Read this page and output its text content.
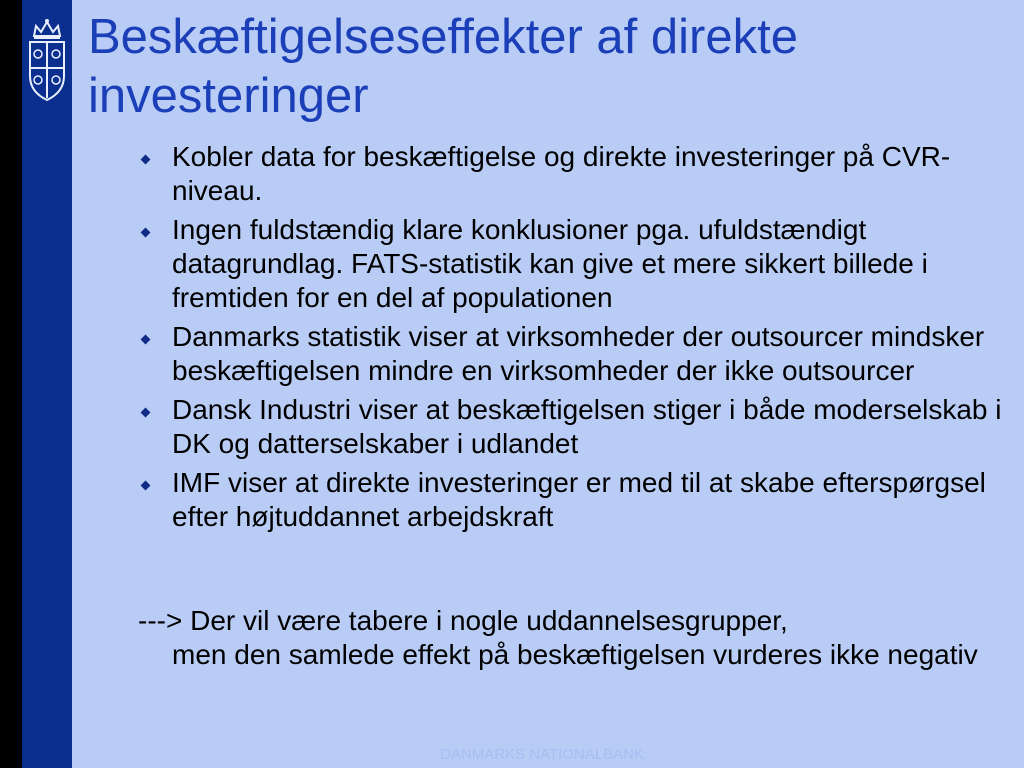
Beskæftigelseseffekter af direkte investeringer
Kobler data for beskæftigelse og direkte investeringer på CVR-niveau.
Ingen fuldstændig klare konklusioner pga. ufuldstændigt datagrundlag. FATS-statistik kan give et mere sikkert billede i fremtiden for en del af populationen
Danmarks statistik viser at virksomheder der outsourcer mindsker beskæftigelsen mindre en virksomheder der ikke outsourcer
Dansk Industri viser at beskæftigelsen stiger i både moderselskab i DK og datterselskaber i udlandet
IMF viser at direkte investeringer er med til at skabe efterspørgsel efter højtuddannet arbejdskraft

---> Der vil være tabere i nogle uddannelsesgrupper,
men den samlede effekt på beskæftigelsen vurderes ikke negativ

DANMARKS NATIONALBANK
